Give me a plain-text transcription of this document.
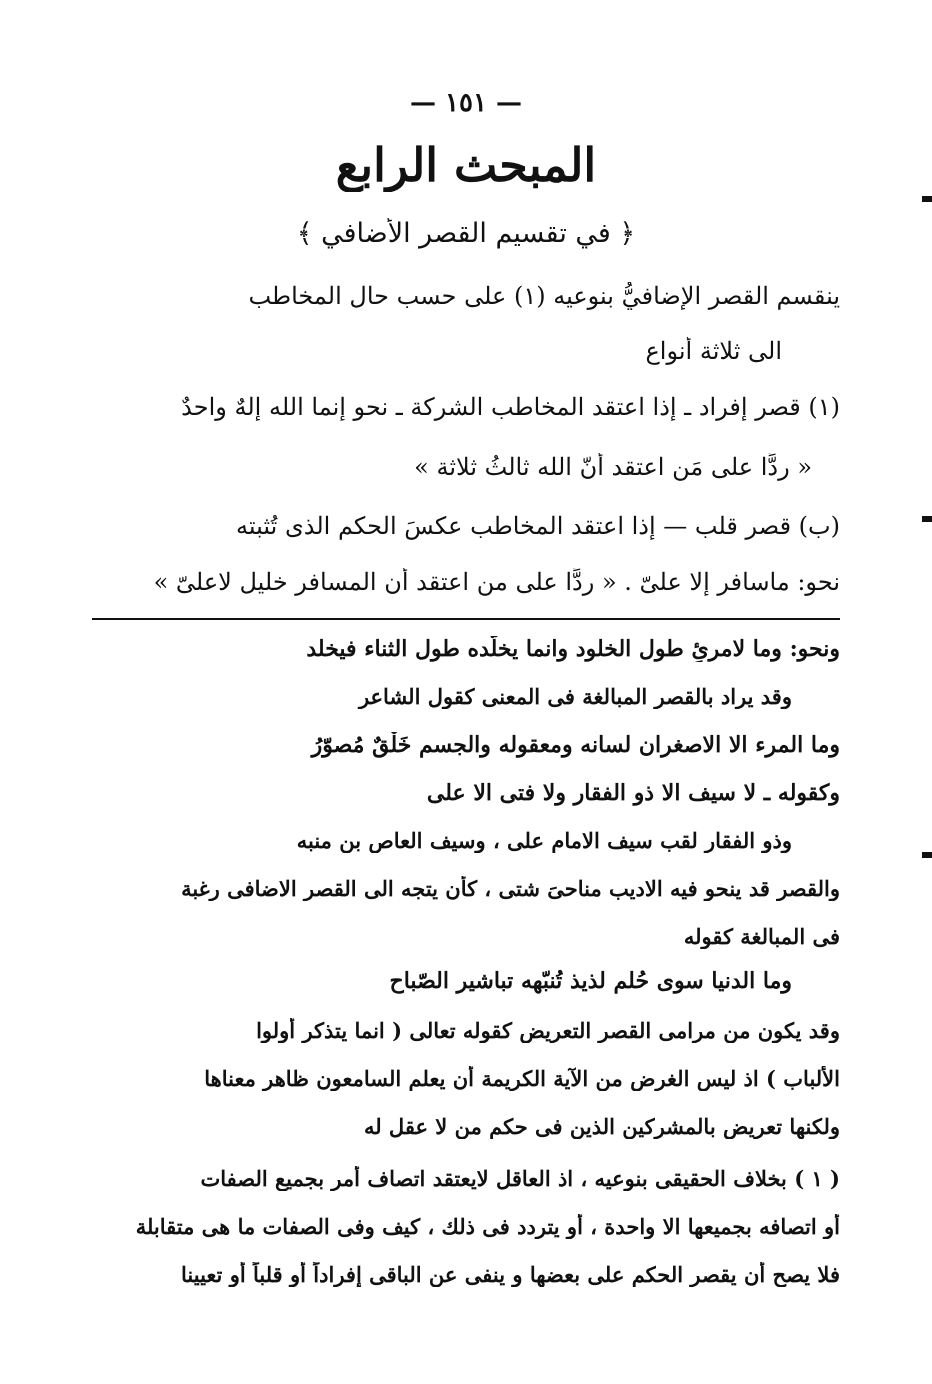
— ١٥١ —
المبحث الرابع
﴿ في تقسيم القصر الأضافي ﴾
ينقسم القصر الإضافيُّ بنوعيه (١) على حسب حال المخاطب
الى ثلاثة أنواع
(١) قصر إفراد ـ إذا اعتقد المخاطب الشركة ـ نحو إنما الله إلهٌ واحدٌ
« ردًّا على مَن اعتقد أنّ الله ثالثُ ثلاثة »
(ب) قصر قلب — إذا اعتقد المخاطب عكسَ الحكم الذى تُثبته
نحو: ماسافر إلا علىّ . « ردًّا على من اعتقد أن المسافر خليل لاعلىّ »
ونحو: وما لامرئٍ طول الخلود وانما يخلّده طول الثناء فيخلد
وقد يراد بالقصر المبالغة فى المعنى كقول الشاعر
وما المرء الا الاصغران لسانه ومعقوله والجسم خَلْقٌ مُصوّرُ
وكقوله ـ لا سيف الا ذو الفقار ولا فتى الا على
وذو الفقار لقب سيف الامام على ، وسيف العاص بن منبه
والقصر قد ينحو فيه الاديب مناحىَ شتى ، كأن يتجه الى القصر الاضافى رغبة
فى المبالغة كقوله
وما الدنيا سوى حُلم لذيذ تُنبّهه تباشير الصّباح
وقد يكون من مرامى القصر التعريض كقوله تعالى ( انما يتذكر أولوا
الألباب ) اذ ليس الغرض من الآية الكريمة أن يعلم السامعون ظاهر معناها
ولكنها تعريض بالمشركين الذين فى حكم من لا عقل له
( ١ ) بخلاف الحقيقى بنوعيه ، اذ العاقل لايعتقد اتصاف أمر بجميع الصفات
أو اتصافه بجميعها الا واحدة ، أو يتردد فى ذلك ، كيف وفى الصفات ما هى متقابلة
فلا يصح أن يقصر الحكم على بعضها و ينفى عن الباقى إفراداً أو قلباً أو تعيينا
